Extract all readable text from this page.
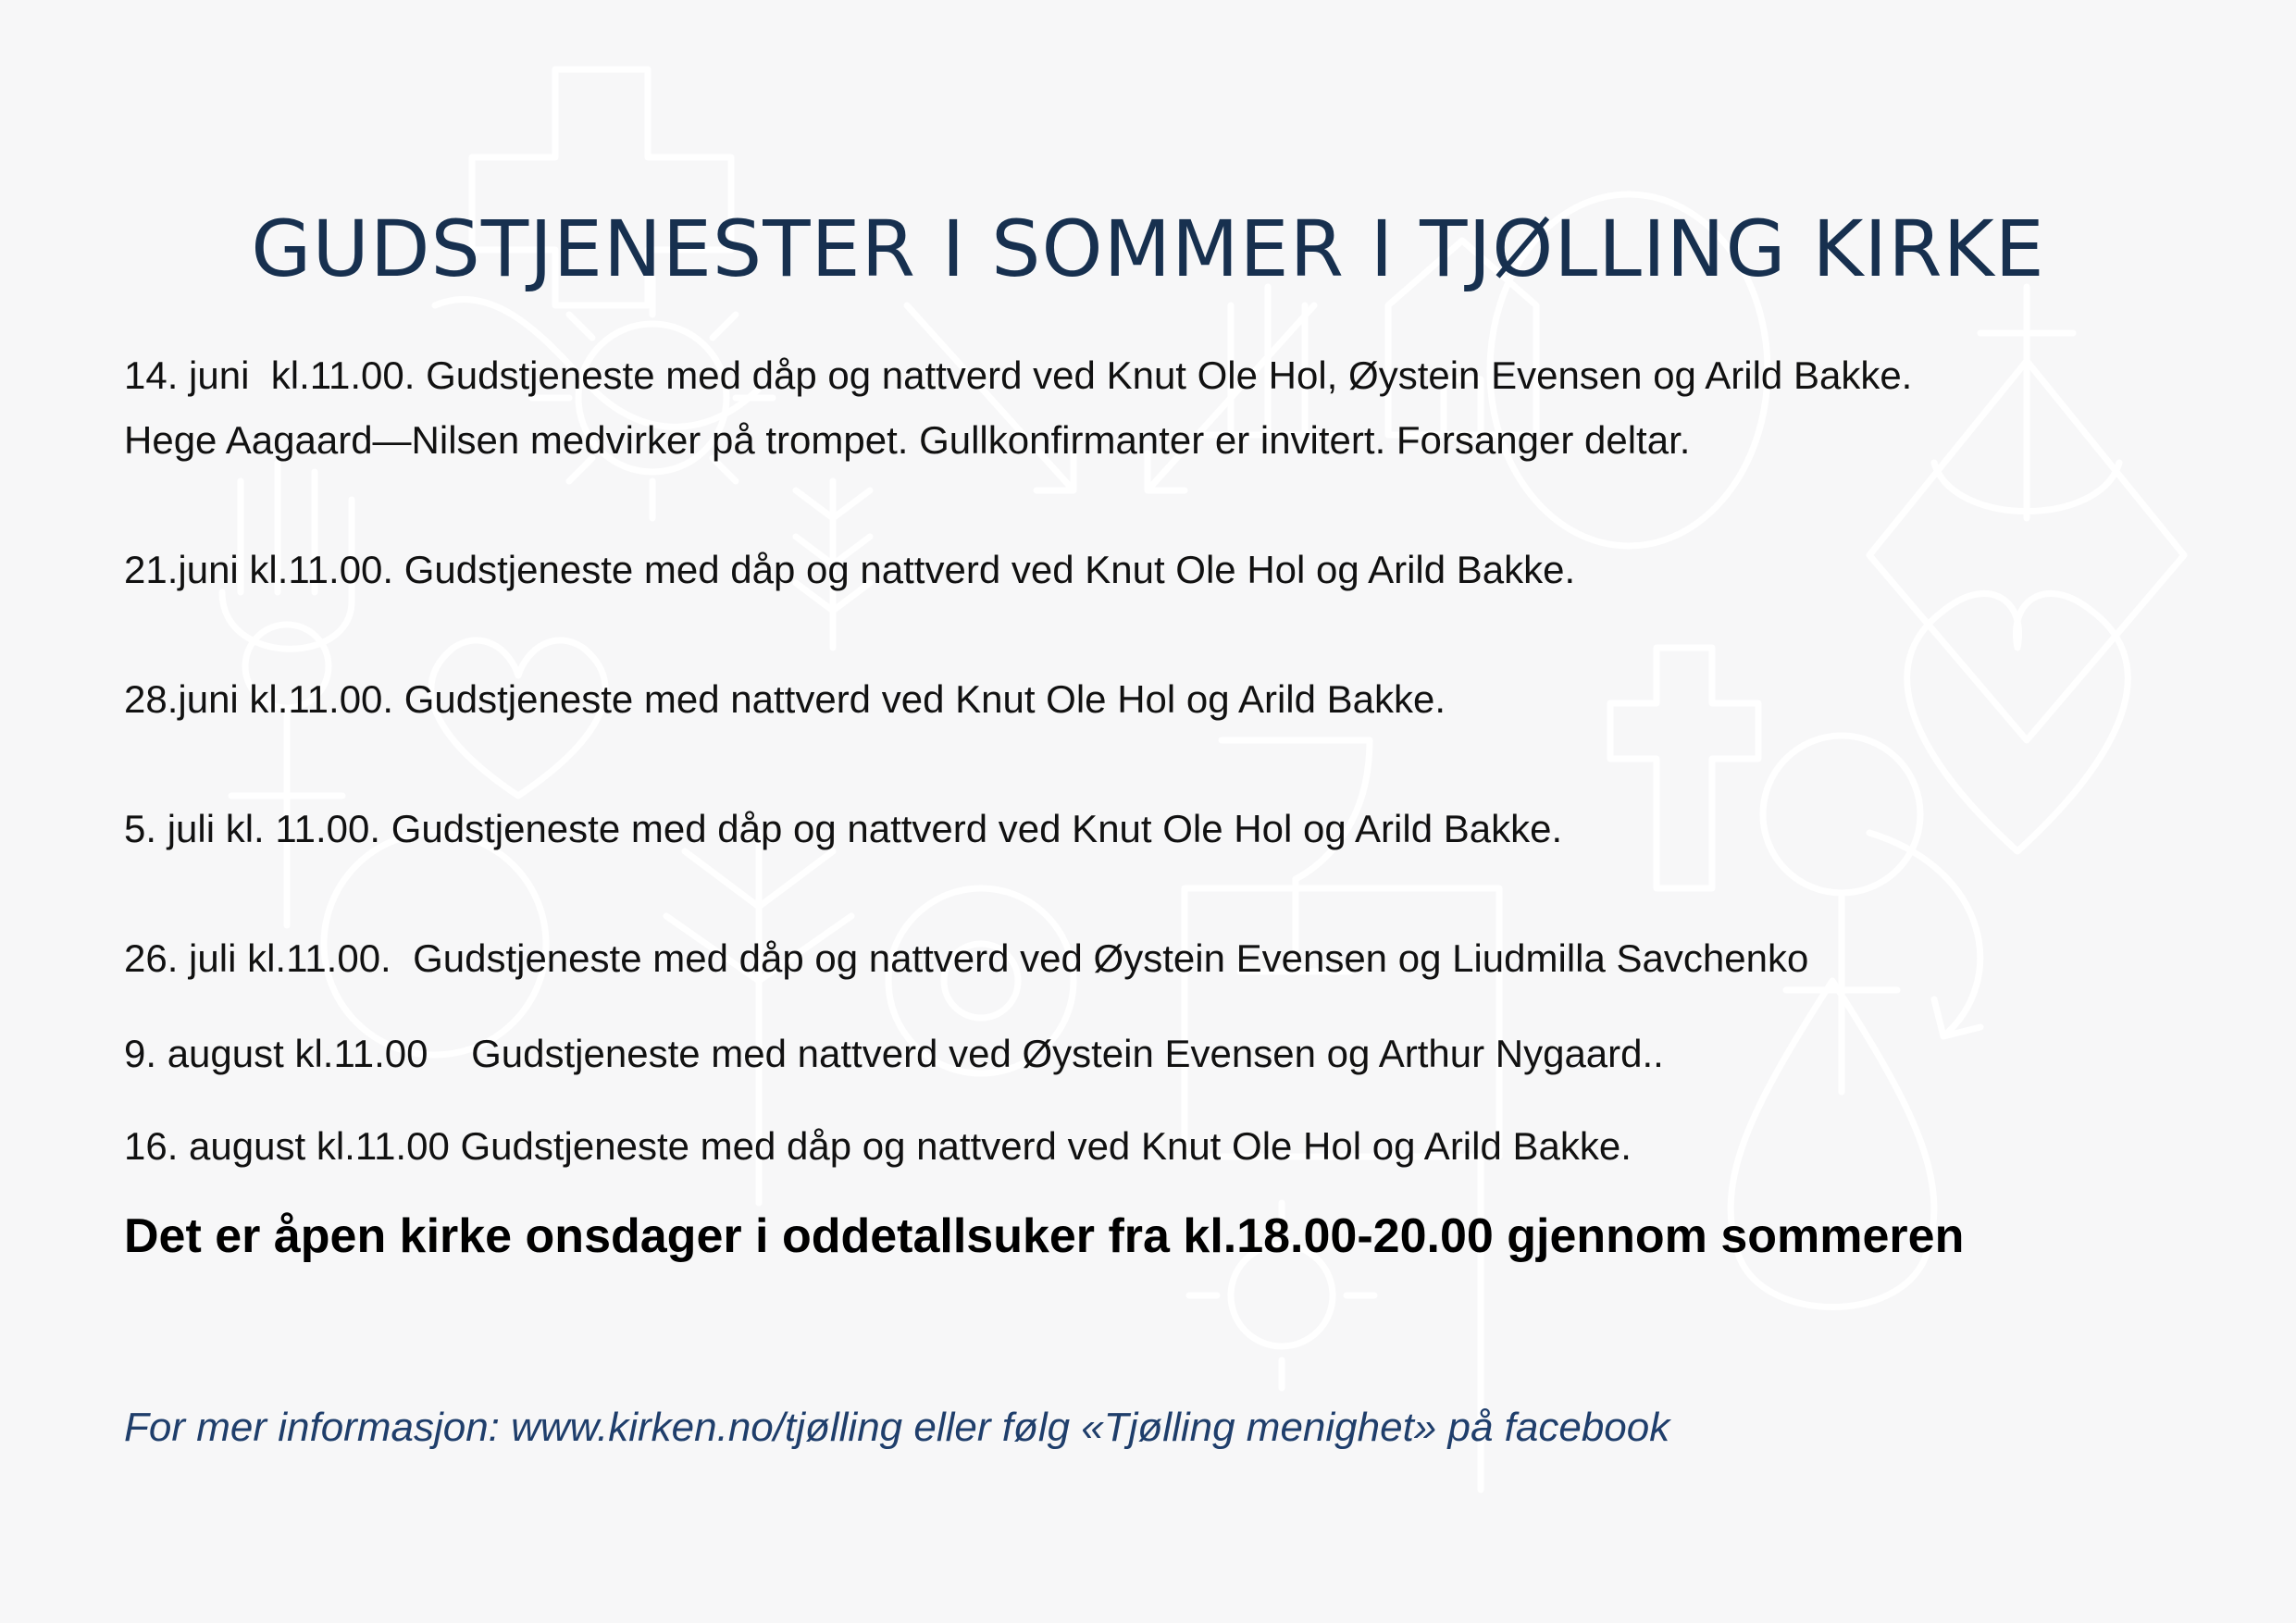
GUDSTJENESTER I SOMMER I TJØLLING KIRKE

14. juni  kl.11.00. Gudstjeneste med dåp og nattverd ved Knut Ole Hol, Øystein Evensen og Arild Bakke.

Hege Aagaard—Nilsen medvirker på trompet. Gullkonfirmanter er invitert. Forsanger deltar.

21.juni kl.11.00. Gudstjeneste med dåp og nattverd ved Knut Ole Hol og Arild Bakke.

28.juni kl.11.00. Gudstjeneste med nattverd ved Knut Ole Hol og Arild Bakke.

5. juli kl. 11.00. Gudstjeneste med dåp og nattverd ved Knut Ole Hol og Arild Bakke.

26. juli kl.11.00.  Gudstjeneste med dåp og nattverd ved Øystein Evensen og Liudmilla Savchenko

9. august kl.11.00    Gudstjeneste med nattverd ved Øystein Evensen og Arthur Nygaard..

16. august kl.11.00 Gudstjeneste med dåp og nattverd ved Knut Ole Hol og Arild Bakke.

Det er åpen kirke onsdager i oddetallsuker fra kl.18.00-20.00 gjennom sommeren

For mer informasjon: www.kirken.no/tjølling eller følg «Tjølling menighet» på facebook
